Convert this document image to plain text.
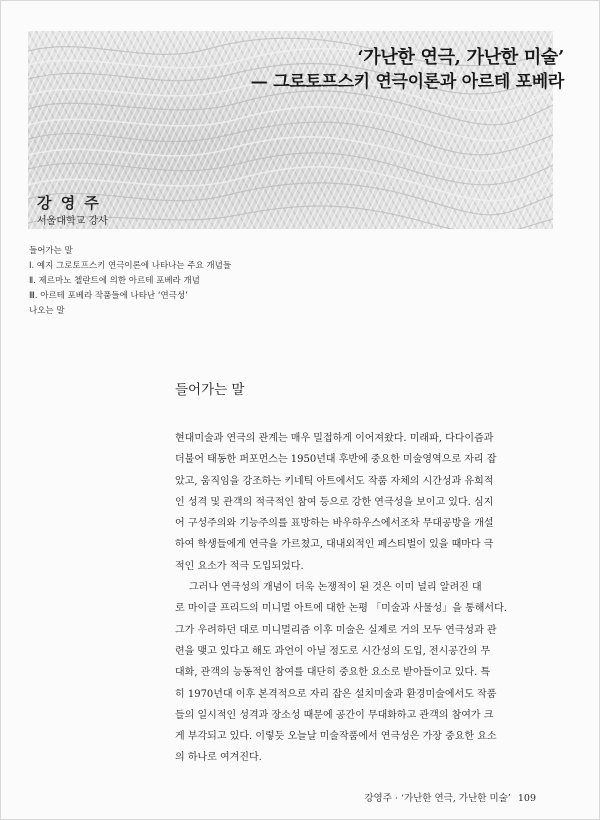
‘가난한 연극, 가난한 미술’
— 그로토프스키 연극이론과 아르테 포베라
강 영 주
서울대학교 강사
들어가는 말
Ⅰ. 예지 그로토프스키 연극이론에 나타나는 주요 개념들
Ⅱ. 제르마노 첼란트에 의한 아르테 포베라 개념
Ⅲ. 아르테 포베라 작품들에 나타난 ‘연극성’
나오는 말
들어가는 말
현대미술과 연극의 관계는 매우 밀접하게 이어져왔다. 미래파, 다다이즘과
더불어 태동한 퍼포먼스는 1950년대 후반에 중요한 미술영역으로 자리 잡
았고, 움직임을 강조하는 키네틱 아트에서도 작품 자체의 시간성과 유희적
인 성격 및 관객의 적극적인 참여 등으로 강한 연극성을 보이고 있다. 심지
어 구성주의와 기능주의를 표방하는 바우하우스에서조차 무대공방을 개설
하여 학생들에게 연극을 가르쳤고, 대내외적인 페스티벌이 있을 때마다 극
적인 요소가 적극 도입되었다.
그러나 연극성의 개념이 더욱 논쟁적이 된 것은 이미 널리 알려진 대
로 마이클 프리드의 미니멀 아트에 대한 논평 「미술과 사물성」을 통해서다.
그가 우려하던 대로 미니멀리즘 이후 미술은 실제로 거의 모두 연극성과 관
련을 맺고 있다고 해도 과언이 아닐 정도로 시간성의 도입, 전시공간의 무
대화, 관객의 능동적인 참여를 대단히 중요한 요소로 받아들이고 있다. 특
히 1970년대 이후 본격적으로 자리 잡은 설치미술과 환경미술에서도 작품
들의 일시적인 성격과 장소성 때문에 공간이 무대화하고 관객의 참여가 크
게 부각되고 있다. 이렇듯 오늘날 미술작품에서 연극성은 가장 중요한 요소
의 하나로 여겨진다.
강영주 · ‘가난한 연극, 가난한 미술’ 109
